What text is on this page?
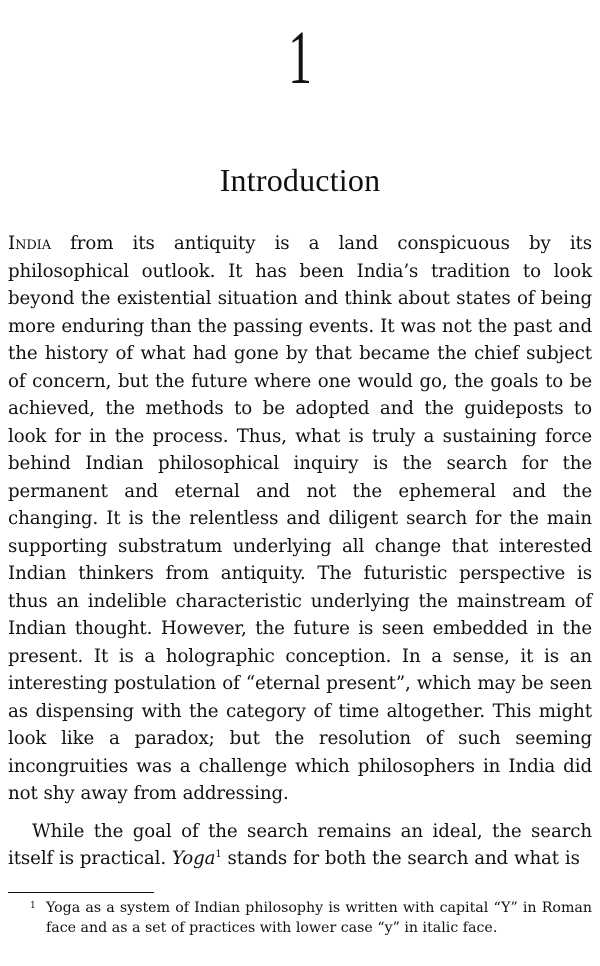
1
Introduction

India from its antiquity is a land conspicuous by its philosophical outlook. It has been India’s tradition to look beyond the existential situation and think about states of being more enduring than the passing events. It was not the past and the history of what had gone by that became the chief subject of concern, but the future where one would go, the goals to be achieved, the methods to be adopted and the guideposts to look for in the process. Thus, what is truly a sustaining force behind Indian philosophical inquiry is the search for the permanent and eternal and not the ephemeral and the changing. It is the relentless and diligent search for the main supporting substratum underlying all change that interested Indian thinkers from antiquity. The futuristic perspective is thus an indelible characteristic underlying the mainstream of Indian thought. However, the future is seen embedded in the present. It is a holographic conception. In a sense, it is an interesting postulation of “eternal present”, which may be seen as dispensing with the category of time altogether. This might look like a paradox; but the resolution of such seeming incongruities was a challenge which philosophers in India did not shy away from addressing.

While the goal of the search remains an ideal, the search itself is practical. Yoga$^1$ stands for both the search and what is

1 Yoga as a system of Indian philosophy is written with capital “Y” in Roman face and as a set of practices with lower case “y” in italic face.
